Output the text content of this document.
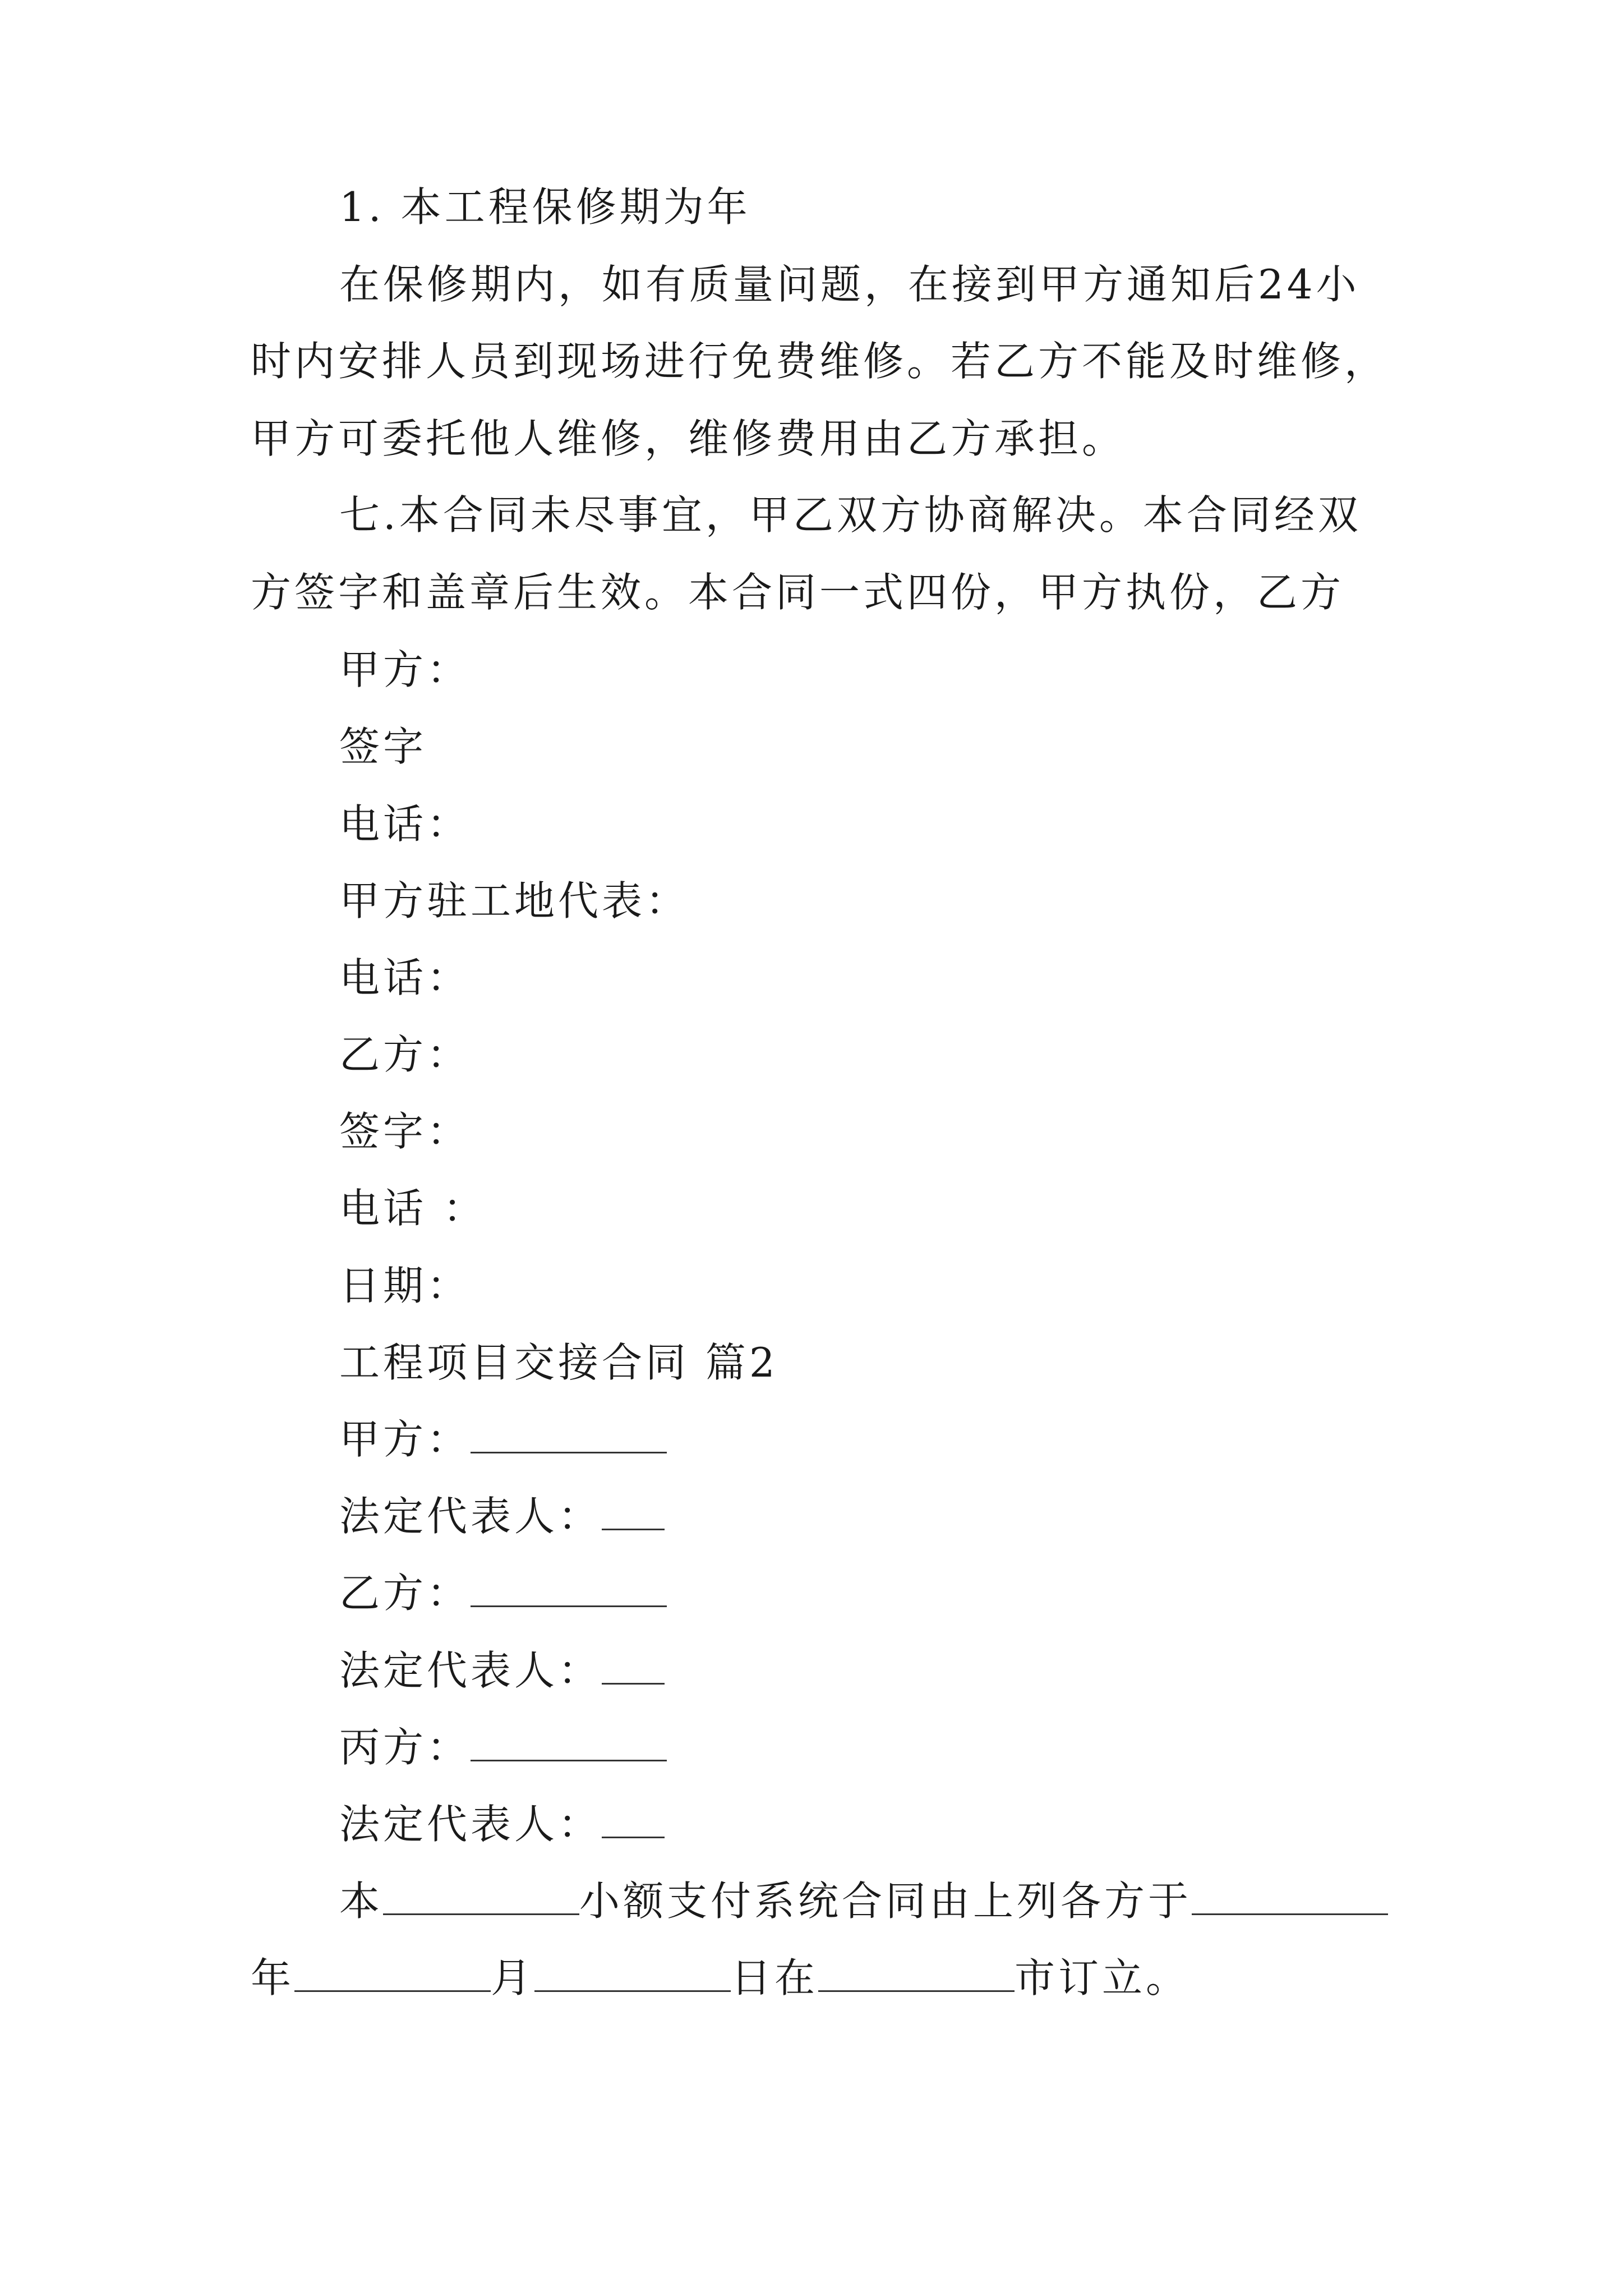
1. 本工程保修期为年
在保修期内，如有质量问题，在接到甲方通知后24小
时内安排人员到现场进行免费维修。若乙方不能及时维修，
甲方可委托他人维修，维修费用由乙方承担。
七.本合同未尽事宜，甲乙双方协商解决。本合同经双
方签字和盖章后生效。本合同一式四份，甲方执份，乙方
甲方：
签字
电话：
甲方驻工地代表：
电话：
乙方：
签字：
电话 ：
日期：
工程项目交接合同 篇2
甲方：
法定代表人：
乙方：
法定代表人：
丙方：
法定代表人：
本	小额支付系统合同由上列各方于
年	月	日在	市订立。
